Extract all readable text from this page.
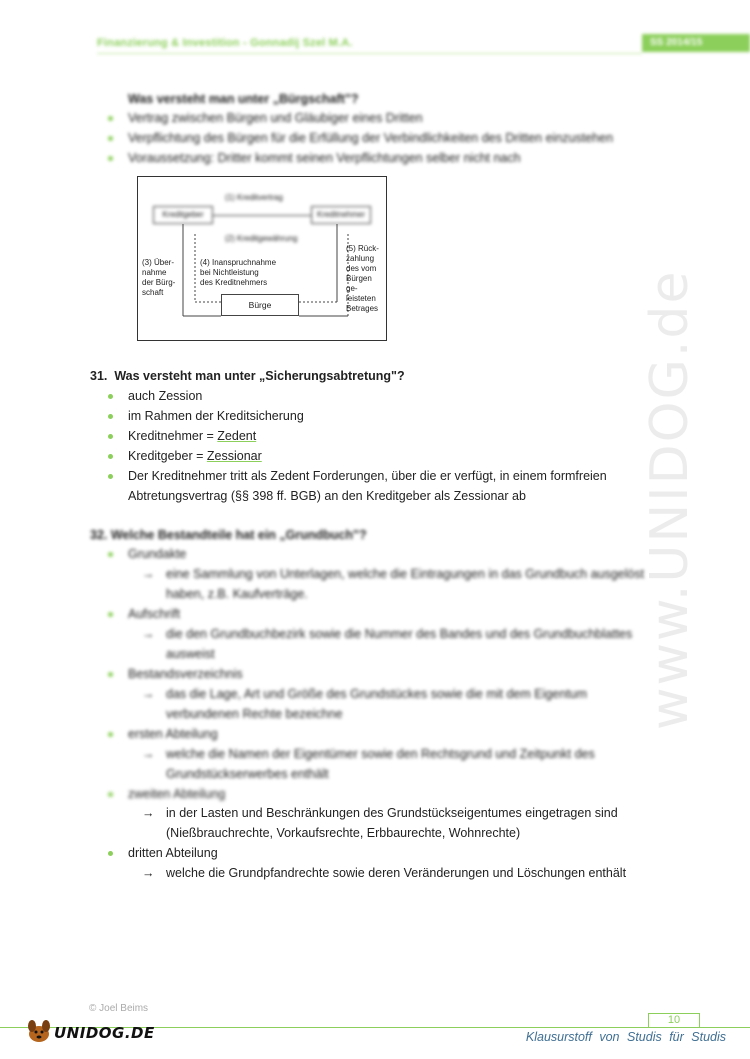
www.UNIDOG.de
Finanzierung & Investition - Gonnadij Szel M.A.	SS 2014/15
Was versteht man unter „Bürgschaft"?
Vertrag zwischen Bürgen und Gläubiger eines Dritten
Verpflichtung des Bürgen für die Erfüllung der Verbindlichkeiten des Dritten einzustehen
Voraussetzung: Dritter kommt seinen Verpflichtungen selber nicht nach
(1) Kreditvertrag
Kreditgeber	Kreditnehmer
(2) Kreditgewährung
(3) Über-
nahme
der Bürg-
schaft
(4) Inanspruchnahme
bei Nichtleistung
des Kreditnehmers
(5) Rück-
zahlung
des vom
Bürgen
ge-
leisteten
Betrages
Bürge
31. Was versteht man unter „Sicherungsabtretung"?
auch Zession
im Rahmen der Kreditsicherung
Kreditnehmer = Zedent
Kreditgeber = Zessionar
Der Kreditnehmer tritt als Zedent Forderungen, über die er verfügt, in einem formfreien
Abtretungsvertrag (§§ 398 ff. BGB) an den Kreditgeber als Zessionar ab
32. Welche Bestandteile hat ein „Grundbuch"?
Grundakte
→ eine Sammlung von Unterlagen, welche die Eintragungen in das Grundbuch ausgelöst
haben, z.B. Kaufverträge.
Aufschrift
→ die den Grundbuchbezirk sowie die Nummer des Bandes und des Grundbuchblattes
ausweist
Bestandsverzeichnis
→ das die Lage, Art und Größe des Grundstückes sowie die mit dem Eigentum
verbundenen Rechte bezeichne
ersten Abteilung
→ welche die Namen der Eigentümer sowie den Rechtsgrund und Zeitpunkt des
Grundstückserwerbes enthält
zweiten Abteilung
→ in der Lasten und Beschränkungen des Grundstückseigentumes eingetragen sind
(Nießbrauchrechte, Vorkaufsrechte, Erbbaurechte, Wohnrechte)
dritten Abteilung
→ welche die Grundpfandrechte sowie deren Veränderungen und Löschungen enthält
© Joel Beims
10
UNIDOG.DE	Klausurstoff von Studis für Studis
